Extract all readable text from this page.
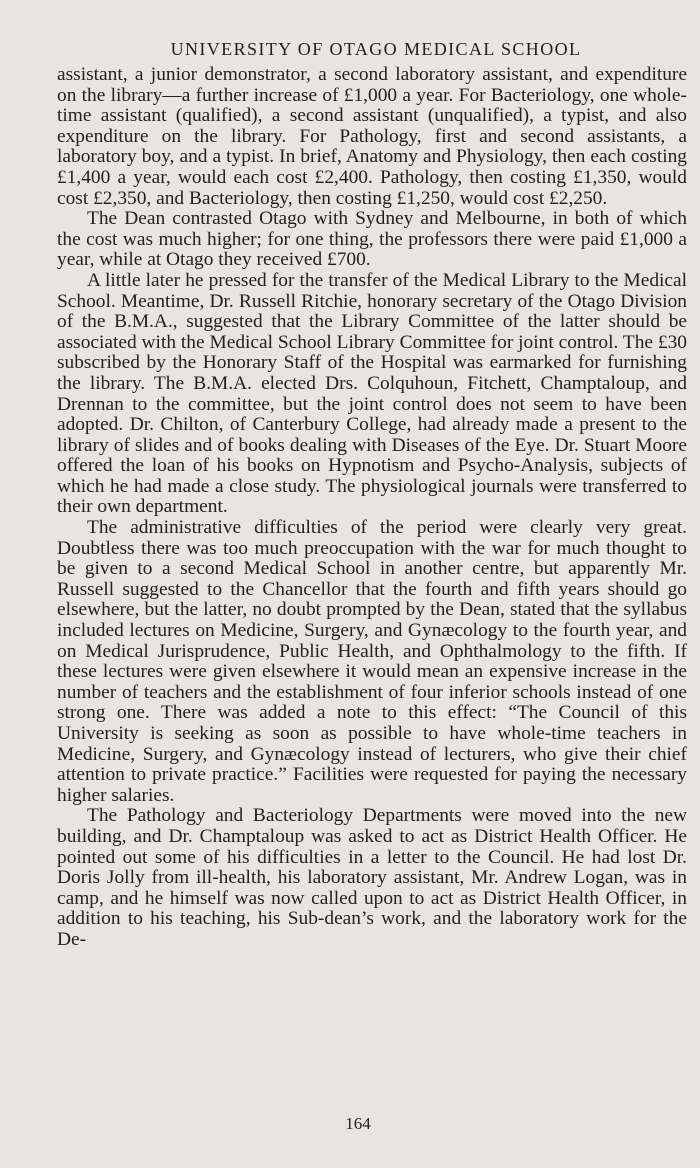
UNIVERSITY OF OTAGO MEDICAL SCHOOL

assistant, a junior demonstrator, a second laboratory assistant, and expenditure on the library—a further increase of £1,000 a year. For Bacteriology, one whole-time assistant (qualified), a second assistant (unqualified), a typist, and also expenditure on the library. For Pathology, first and second assistants, a laboratory boy, and a typist. In brief, Anatomy and Physiology, then each costing £1,400 a year, would each cost £2,400. Pathology, then costing £1,350, would cost £2,350, and Bacteriology, then costing £1,250, would cost £2,250.

The Dean contrasted Otago with Sydney and Melbourne, in both of which the cost was much higher; for one thing, the professors there were paid £1,000 a year, while at Otago they received £700.

A little later he pressed for the transfer of the Medical Library to the Medical School. Meantime, Dr. Russell Ritchie, honorary secretary of the Otago Division of the B.M.A., suggested that the Library Committee of the latter should be associated with the Medical School Library Committee for joint control. The £30 subscribed by the Honorary Staff of the Hospital was earmarked for furnishing the library. The B.M.A. elected Drs. Colquhoun, Fitchett, Champtaloup, and Drennan to the committee, but the joint control does not seem to have been adopted. Dr. Chilton, of Canterbury College, had already made a present to the library of slides and of books dealing with Diseases of the Eye. Dr. Stuart Moore offered the loan of his books on Hypnotism and Psycho-Analysis, subjects of which he had made a close study. The physiological journals were transferred to their own department.

The administrative difficulties of the period were clearly very great. Doubtless there was too much preoccupation with the war for much thought to be given to a second Medical School in another centre, but apparently Mr. Russell suggested to the Chancellor that the fourth and fifth years should go elsewhere, but the latter, no doubt prompted by the Dean, stated that the syllabus included lectures on Medicine, Surgery, and Gynæcology to the fourth year, and on Medical Jurisprudence, Public Health, and Ophthalmology to the fifth. If these lectures were given elsewhere it would mean an expensive increase in the number of teachers and the establishment of four inferior schools instead of one strong one. There was added a note to this effect: “The Council of this University is seeking as soon as possible to have whole-time teachers in Medicine, Surgery, and Gynæcology instead of lecturers, who give their chief attention to private practice.” Facilities were requested for paying the necessary higher salaries.

The Pathology and Bacteriology Departments were moved into the new building, and Dr. Champtaloup was asked to act as District Health Officer. He pointed out some of his difficulties in a letter to the Council. He had lost Dr. Doris Jolly from ill-health, his laboratory assistant, Mr. Andrew Logan, was in camp, and he himself was now called upon to act as District Health Officer, in addition to his teaching, his Sub-dean’s work, and the laboratory work for the De-

164
